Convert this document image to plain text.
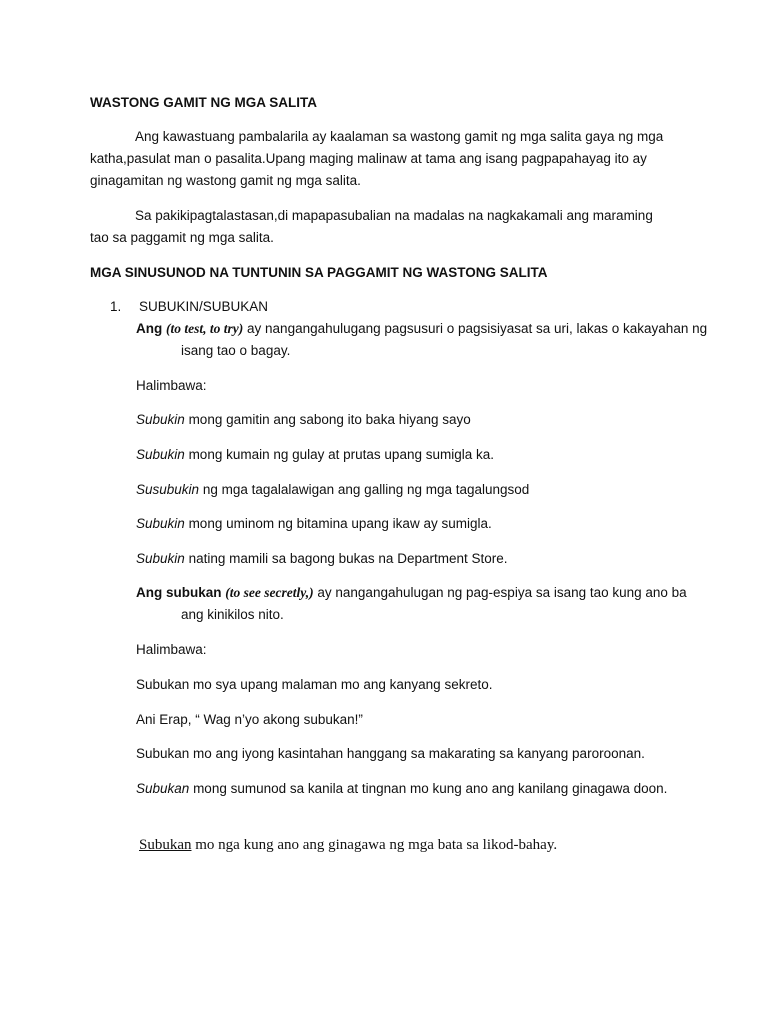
WASTONG GAMIT NG MGA SALITA
Ang kawastuang pambalarila ay kaalaman sa wastong gamit ng mga salita gaya ng mga katha,pasulat man o pasalita.Upang maging malinaw at tama ang isang pagpapahayag ito ay ginagamitan ng wastong gamit ng mga salita.
Sa pakikipagtalastasan,di mapapasubalian na madalas na nagkakamali ang maraming tao sa paggamit ng mga salita.
MGA SINUSUNOD NA TUNTUNIN SA PAGGAMIT NG WASTONG SALITA
1. SUBUKIN/SUBUKAN
Ang (to test, to try) ay nangangahulugang pagsusuri o pagsisiyasat sa uri, lakas o kakayahan ng isang tao o bagay.
Halimbawa:
Subukin mong gamitin ang sabong ito baka hiyang sayo
Subukin mong kumain ng gulay at prutas upang sumigla ka.
Susubukin ng mga tagalalawigan ang galling ng mga tagalungsod
Subukin mong uminom ng bitamina upang ikaw ay sumigla.
Subukin nating mamili sa bagong bukas na Department Store.
Ang subukan (to see secretly,) ay nangangahulugan ng pag-espiya sa isang tao kung ano ba ang kinikilos nito.
Halimbawa:
Subukan mo sya upang malaman mo ang kanyang sekreto.
Ani Erap, “ Wag n’yo akong subukan!”
Subukan mo ang iyong kasintahan hanggang sa makarating sa kanyang paroroonan.
Subukan mong sumunod sa kanila at tingnan mo kung ano ang kanilang ginagawa doon.
Subukan mo nga kung ano ang ginagawa ng mga bata sa likod-bahay.
